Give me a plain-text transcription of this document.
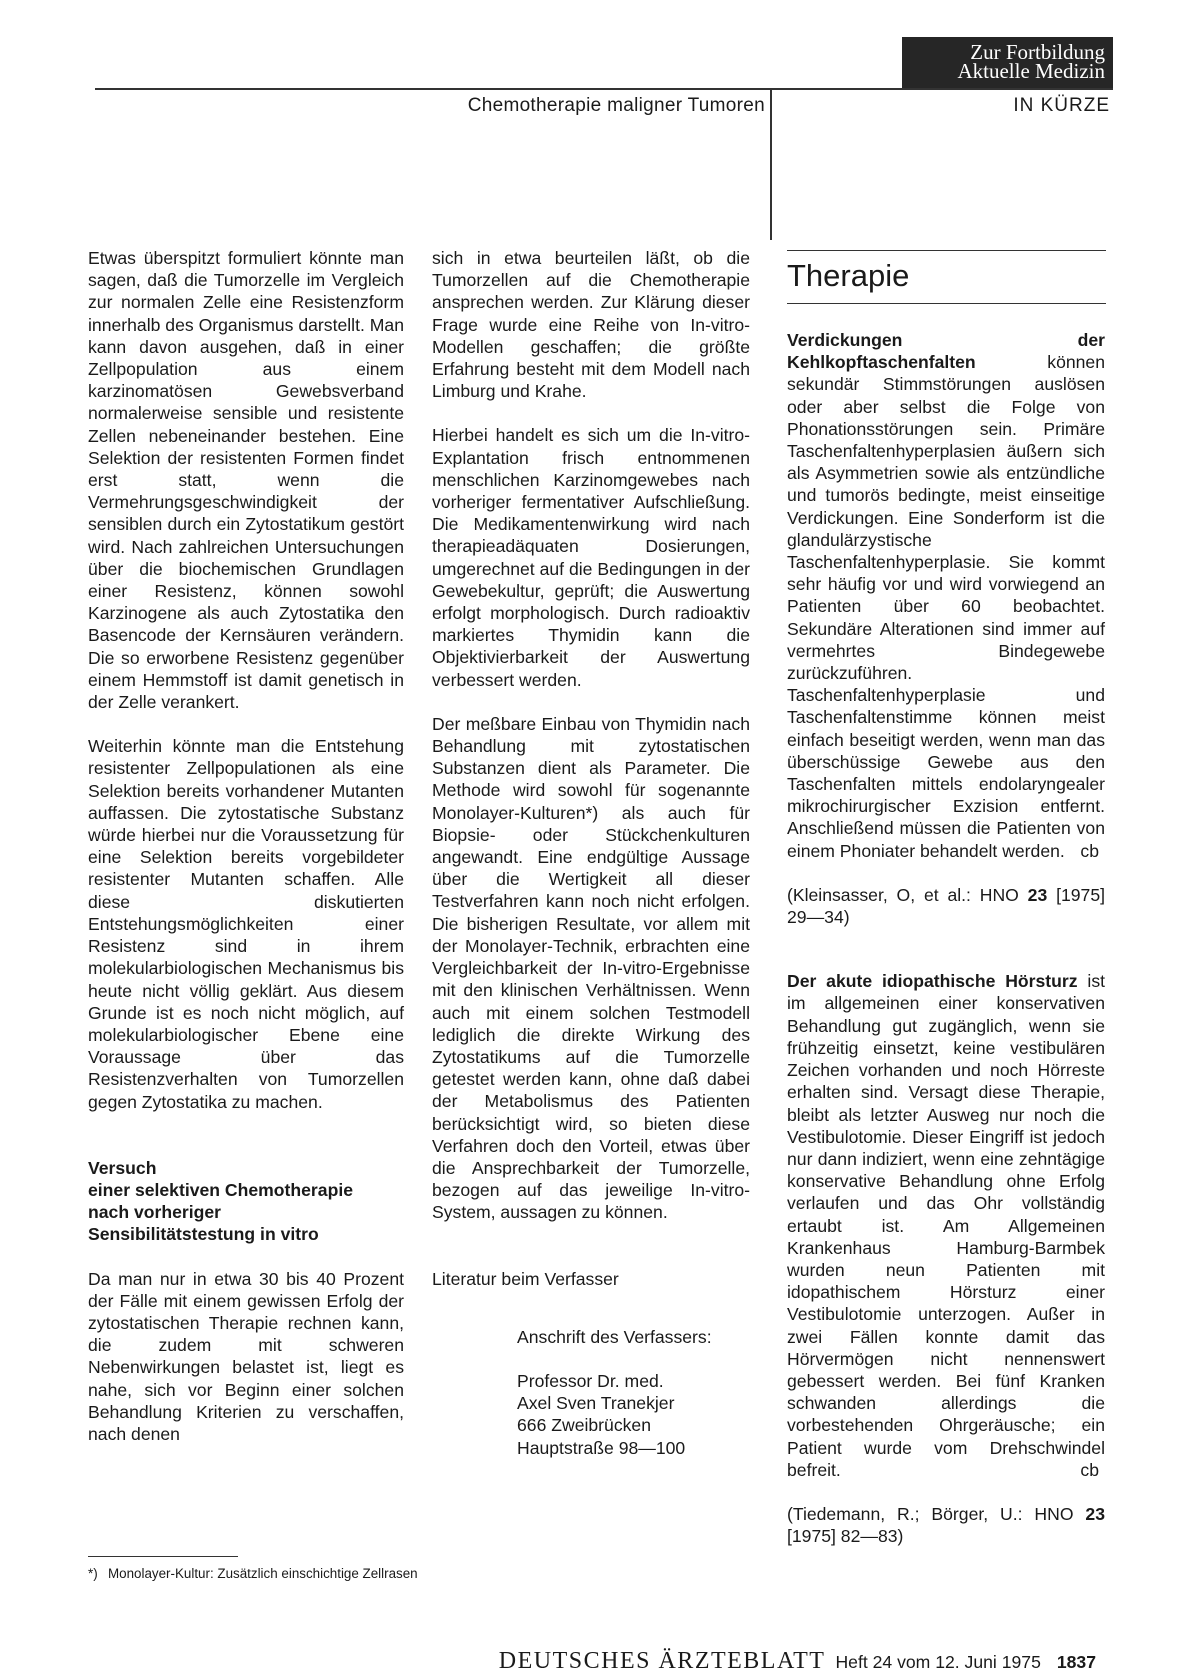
Zur Fortbildung
Aktuelle Medizin
Chemotherapie maligner Tumoren	IN KÜRZE

Etwas überspitzt formuliert könnte man sagen, daß die Tumorzelle im Vergleich zur normalen Zelle eine Resistenzform innerhalb des Organismus darstellt. Man kann davon ausgehen, daß in einer Zellpopulation aus einem karzinomatösen Gewebsverband normalerweise sensible und resistente Zellen nebeneinander bestehen. Eine Selektion der resistenten Formen findet erst statt, wenn die Vermehrungsgeschwindigkeit der sensiblen durch ein Zytostatikum gestört wird. Nach zahlreichen Untersuchungen über die biochemischen Grundlagen einer Resistenz, können sowohl Karzinogene als auch Zytostatika den Basencode der Kernsäuren verändern. Die so erworbene Resistenz gegenüber einem Hemmstoff ist damit genetisch in der Zelle verankert.

Weiterhin könnte man die Entstehung resistenter Zellpopulationen als eine Selektion bereits vorhandener Mutanten auffassen. Die zytostatische Substanz würde hierbei nur die Voraussetzung für eine Selektion bereits vorgebildeter resistenter Mutanten schaffen. Alle diese diskutierten Entstehungsmöglichkeiten einer Resistenz sind in ihrem molekularbiologischen Mechanismus bis heute nicht völlig geklärt. Aus diesem Grunde ist es noch nicht möglich, auf molekularbiologischer Ebene eine Voraussage über das Resistenzverhalten von Tumorzellen gegen Zytostatika zu machen.

Versuch
einer selektiven Chemotherapie
nach vorheriger
Sensibilitätstestung in vitro

Da man nur in etwa 30 bis 40 Prozent der Fälle mit einem gewissen Erfolg der zytostatischen Therapie rechnen kann, die zudem mit schweren Nebenwirkungen belastet ist, liegt es nahe, sich vor Beginn einer solchen Behandlung Kriterien zu verschaffen, nach denen

*) Monolayer-Kultur: Zusätzlich einschichtige Zellrasen

sich in etwa beurteilen läßt, ob die Tumorzellen auf die Chemotherapie ansprechen werden. Zur Klärung dieser Frage wurde eine Reihe von In-vitro-Modellen geschaffen; die größte Erfahrung besteht mit dem Modell nach Limburg und Krahe.

Hierbei handelt es sich um die In-vitro-Explantation frisch entnommenen menschlichen Karzinomgewebes nach vorheriger fermentativer Aufschließung. Die Medikamentenwirkung wird nach therapieadäquaten Dosierungen, umgerechnet auf die Bedingungen in der Gewebekultur, geprüft; die Auswertung erfolgt morphologisch. Durch radioaktiv markiertes Thymidin kann die Objektivierbarkeit der Auswertung verbessert werden.

Der meßbare Einbau von Thymidin nach Behandlung mit zytostatischen Substanzen dient als Parameter. Die Methode wird sowohl für sogenannte Monolayer-Kulturen*) als auch für Biopsie- oder Stückchenkulturen angewandt. Eine endgültige Aussage über die Wertigkeit all dieser Testverfahren kann noch nicht erfolgen. Die bisherigen Resultate, vor allem mit der Monolayer-Technik, erbrachten eine Vergleichbarkeit der In-vitro-Ergebnisse mit den klinischen Verhältnissen. Wenn auch mit einem solchen Testmodell lediglich die direkte Wirkung des Zytostatikums auf die Tumorzelle getestet werden kann, ohne daß dabei der Metabolismus des Patienten berücksichtigt wird, so bieten diese Verfahren doch den Vorteil, etwas über die Ansprechbarkeit der Tumorzelle, bezogen auf das jeweilige In-vitro-System, aussagen zu können.

Literatur beim Verfasser

Anschrift des Verfassers:
Professor Dr. med.
Axel Sven Tranekjer
666 Zweibrücken
Hauptstraße 98—100
Therapie

Verdickungen der Kehlkopftaschenfalten können sekundär Stimmstörungen auslösen oder aber selbst die Folge von Phonationsstörungen sein. Primäre Taschenfaltenhyperplasien äußern sich als Asymmetrien sowie als entzündliche und tumorös bedingte, meist einseitige Verdickungen. Eine Sonderform ist die glandulärzystische Taschenfaltenhyperplasie. Sie kommt sehr häufig vor und wird vorwiegend an Patienten über 60 beobachtet. Sekundäre Alterationen sind immer auf vermehrtes Bindegewebe zurückzuführen. Taschenfaltenhyperplasie und Taschenfaltenstimme können meist einfach beseitigt werden, wenn man das überschüssige Gewebe aus den Taschenfalten mittels endolaryngealer mikrochirurgischer Exzision entfernt. Anschließend müssen die Patienten von einem Phoniater behandelt werden. cb

(Kleinsasser, O, et al.: HNO 23 [1975] 29—34)

Der akute idiopathische Hörsturz ist im allgemeinen einer konservativen Behandlung gut zugänglich, wenn sie frühzeitig einsetzt, keine vestibulären Zeichen vorhanden und noch Hörreste erhalten sind. Versagt diese Therapie, bleibt als letzter Ausweg nur noch die Vestibulotomie. Dieser Eingriff ist jedoch nur dann indiziert, wenn eine zehntägige konservative Behandlung ohne Erfolg verlaufen und das Ohr vollständig ertaubt ist. Am Allgemeinen Krankenhaus Hamburg-Barmbek wurden neun Patienten mit idopathischem Hörsturz einer Vestibulotomie unterzogen. Außer in zwei Fällen konnte damit das Hörvermögen nicht nennenswert gebessert werden. Bei fünf Kranken schwanden allerdings die vorbestehenden Ohrgeräusche; ein Patient wurde vom Drehschwindel befreit.	cb

(Tiedemann, R.; Börger, U.: HNO 23 [1975] 82—83)

DEUTSCHES ÄRZTEBLATT Heft 24 vom 12. Juni 1975 1837
